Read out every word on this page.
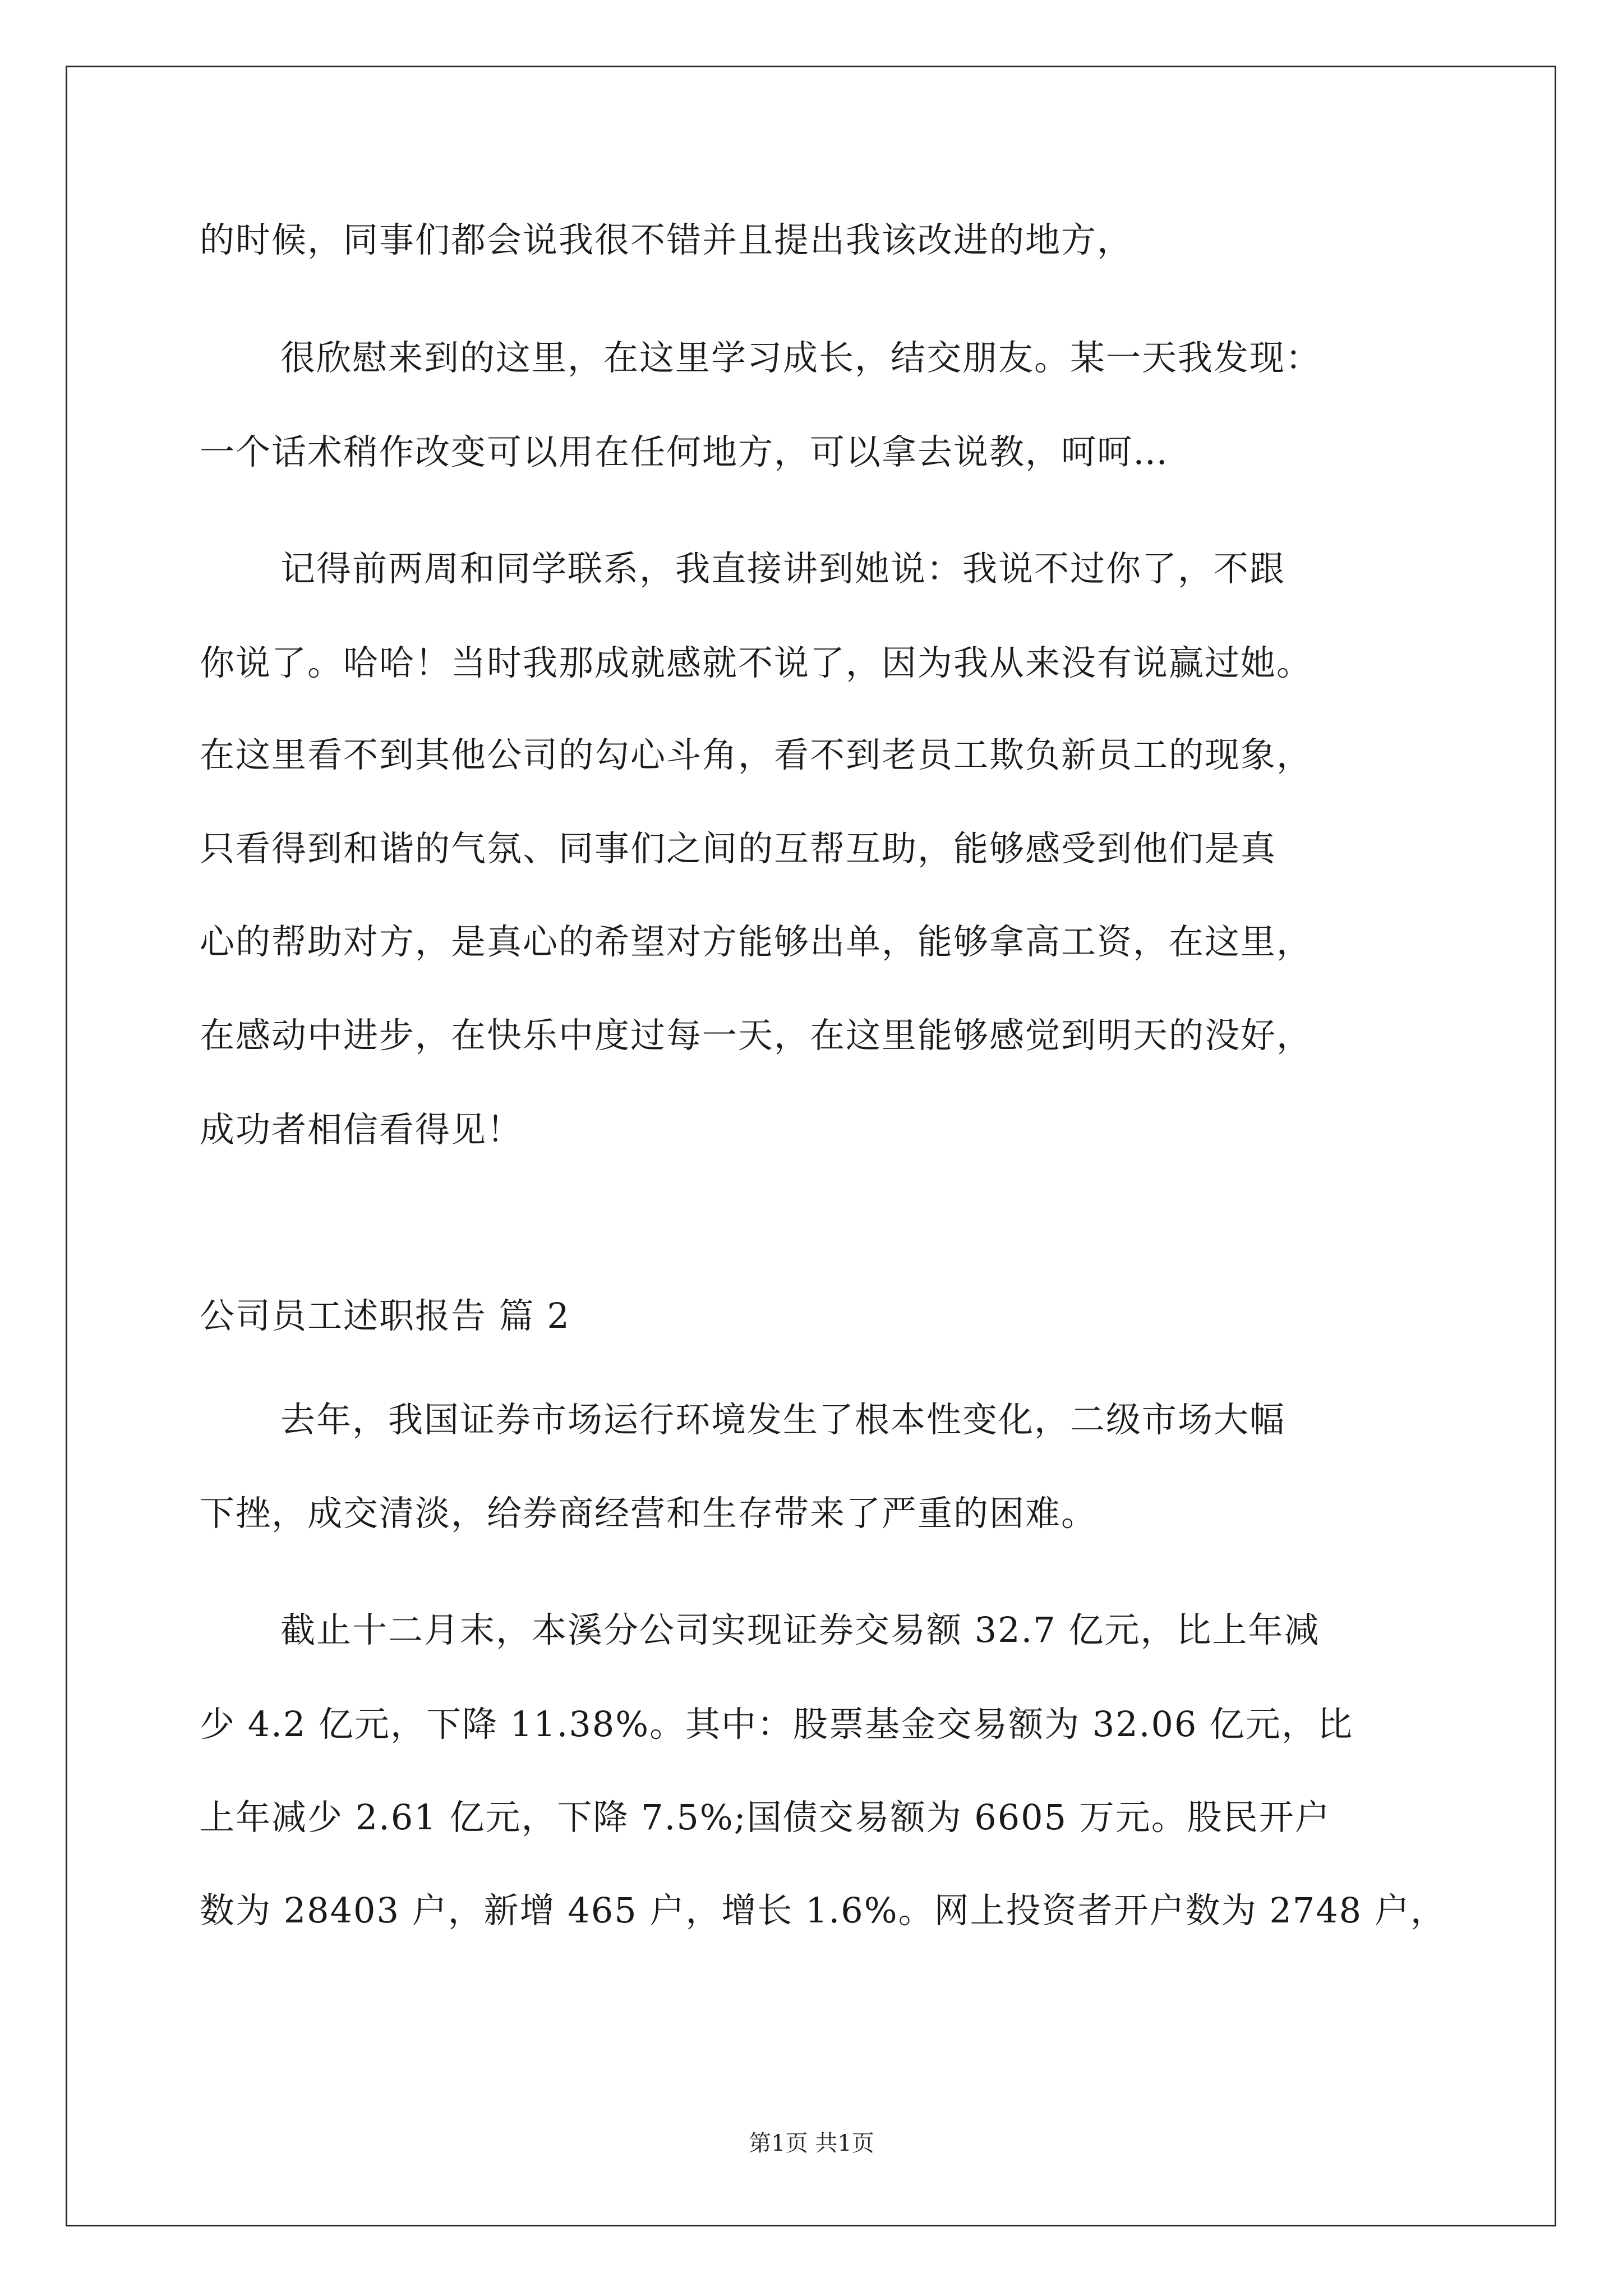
的时候，同事们都会说我很不错并且提出我该改进的地方，
很欣慰来到的这里，在这里学习成长，结交朋友。某一天我发现：
一个话术稍作改变可以用在任何地方，可以拿去说教，呵呵…
记得前两周和同学联系，我直接讲到她说：我说不过你了，不跟
你说了。哈哈！当时我那成就感就不说了，因为我从来没有说赢过她。
在这里看不到其他公司的勾心斗角，看不到老员工欺负新员工的现象，
只看得到和谐的气氛、同事们之间的互帮互助，能够感受到他们是真
心的帮助对方，是真心的希望对方能够出单，能够拿高工资，在这里，
在感动中进步，在快乐中度过每一天，在这里能够感觉到明天的没好，
成功者相信看得见！
公司员工述职报告 篇 2
去年，我国证券市场运行环境发生了根本性变化，二级市场大幅
下挫，成交清淡，给券商经营和生存带来了严重的困难。
截止十二月末，本溪分公司实现证券交易额 32.7 亿元，比上年减
少 4.2 亿元，下降 11.38%。其中：股票基金交易额为 32.06 亿元，比
上年减少 2.61 亿元，下降 7.5%;国债交易额为 6605 万元。股民开户
数为 28403 户，新增 465 户，增长 1.6%。网上投资者开户数为 2748 户，
第1页 共1页
